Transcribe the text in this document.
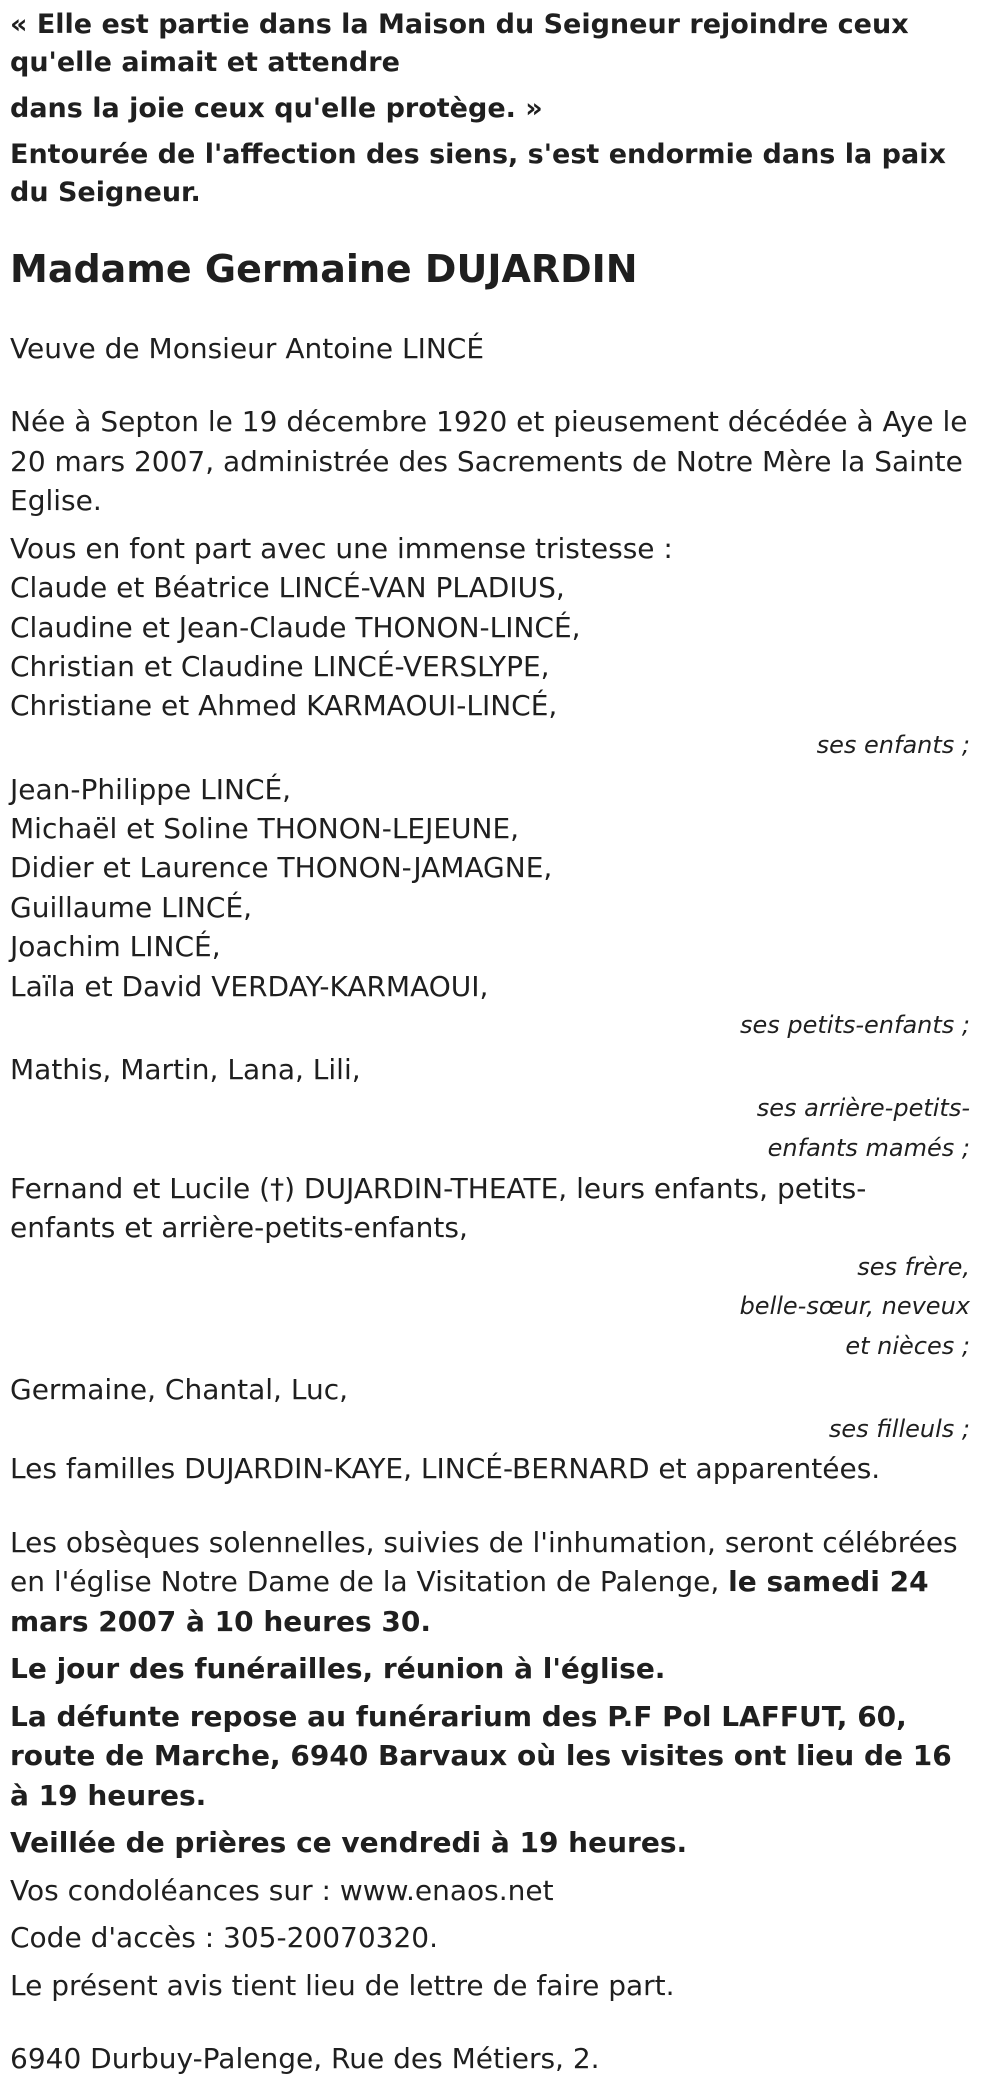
« Elle est partie dans la Maison du Seigneur rejoindre ceux qu'elle aimait et attendre

dans la joie ceux qu'elle protège. »

Entourée de l'affection des siens, s'est endormie dans la paix du Seigneur.

Madame Germaine DUJARDIN

Veuve de Monsieur Antoine LINCÉ

Née à Septon le 19 décembre 1920 et pieusement décédée à Aye le 20 mars 2007, administrée des Sacrements de Notre Mère la Sainte Eglise.

Vous en font part avec une immense tristesse :

Claude et Béatrice LINCÉ-VAN PLADIUS,

Claudine et Jean-Claude THONON-LINCÉ,

Christian et Claudine LINCÉ-VERSLYPE,

Christiane et Ahmed KARMAOUI-LINCÉ,

ses enfants ;

Jean-Philippe LINCÉ,

Michaël et Soline THONON-LEJEUNE,

Didier et Laurence THONON-JAMAGNE,

Guillaume LINCÉ,

Joachim LINCÉ,

Laïla et David VERDAY-KARMAOUI,

ses petits-enfants ;

Mathis, Martin, Lana, Lili,

ses arrière-petits-

enfants mamés ;

Fernand et Lucile (†) DUJARDIN-THEATE, leurs enfants, petits-enfants et arrière-petits-enfants,

ses frère,

belle-sœur, neveux

et nièces ;

Germaine, Chantal, Luc,

ses filleuls ;

Les familles DUJARDIN-KAYE, LINCÉ-BERNARD et apparentées.

Les obsèques solennelles, suivies de l'inhumation, seront célébrées en l'église Notre Dame de la Visitation de Palenge, le samedi 24 mars 2007 à 10 heures 30.

Le jour des funérailles, réunion à l'église.

La défunte repose au funérarium des P.F Pol LAFFUT, 60, route de Marche, 6940 Barvaux où les visites ont lieu de 16 à 19 heures.

Veillée de prières ce vendredi à 19 heures.

Vos condoléances sur : www.enaos.net

Code d'accès : 305-20070320.

Le présent avis tient lieu de lettre de faire part.

6940 Durbuy-Palenge, Rue des Métiers, 2.
